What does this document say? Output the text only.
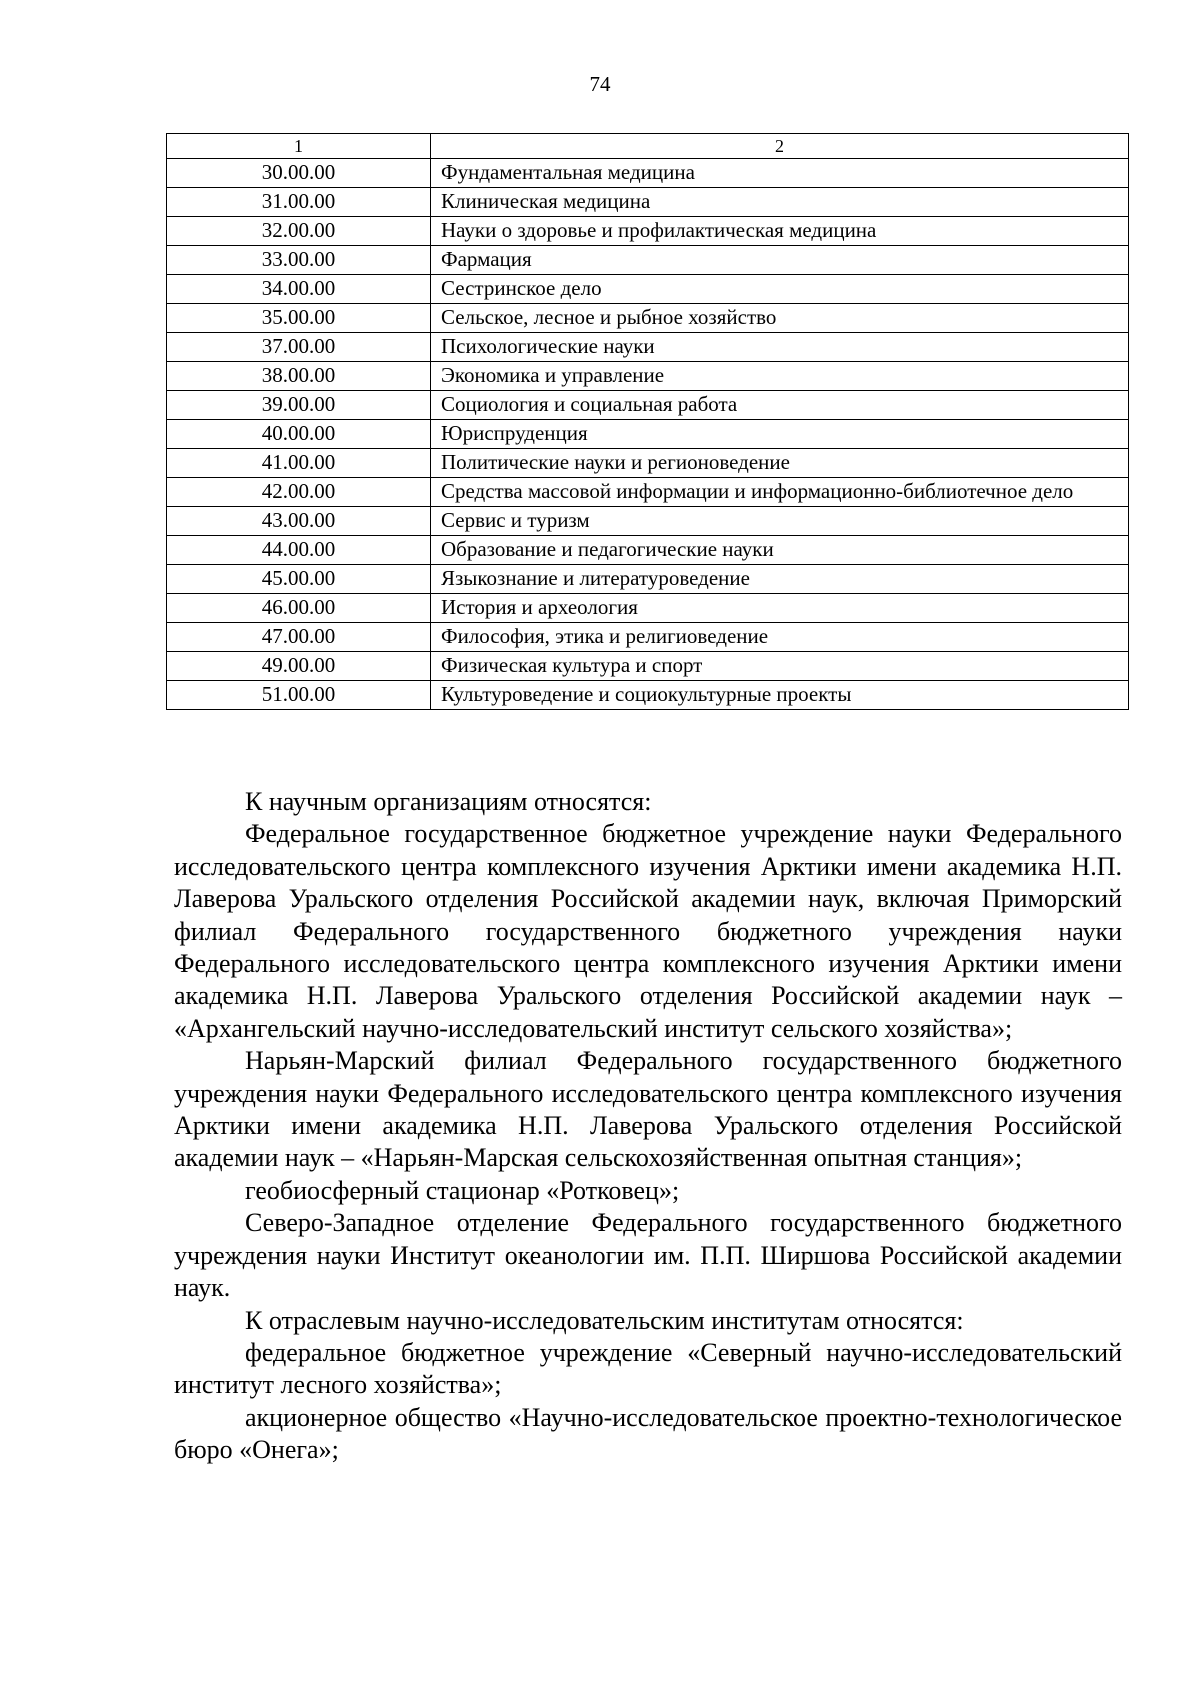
74
1	2
30.00.00	Фундаментальная медицина
31.00.00	Клиническая медицина
32.00.00	Науки о здоровье и профилактическая медицина
33.00.00	Фармация
34.00.00	Сестринское дело
35.00.00	Сельское, лесное и рыбное хозяйство
37.00.00	Психологические науки
38.00.00	Экономика и управление
39.00.00	Социология и социальная работа
40.00.00	Юриспруденция
41.00.00	Политические науки и регионоведение
42.00.00	Средства массовой информации и информационно-библиотечное дело
43.00.00	Сервис и туризм
44.00.00	Образование и педагогические науки
45.00.00	Языкознание и литературоведение
46.00.00	История и археология
47.00.00	Философия, этика и религиоведение
49.00.00	Физическая культура и спорт
51.00.00	Культуроведение и социокультурные проекты

К научным организациям относятся:

Федеральное государственное бюджетное учреждение науки Федерального исследовательского центра комплексного изучения Арктики имени академика Н.П. Лаверова Уральского отделения Российской академии наук, включая Приморский филиал Федерального государственного бюджетного учреждения науки Федерального исследовательского центра комплексного изучения Арктики имени академика Н.П. Лаверова Уральского отделения Российской академии наук – «Архангельский научно-исследовательский институт сельского хозяйства»;

Нарьян-Марский филиал Федерального государственного бюджетного учреждения науки Федерального исследовательского центра комплексного изучения Арктики имени академика Н.П. Лаверова Уральского отделения Российской академии наук – «Нарьян-Марская сельскохозяйственная опытная станция»;

геобиосферный стационар «Ротковец»;

Северо-Западное отделение Федерального государственного бюджетного учреждения науки Институт океанологии им. П.П. Ширшова Российской академии наук.

К отраслевым научно-исследовательским институтам относятся:

федеральное бюджетное учреждение «Северный научно-исследовательский институт лесного хозяйства»;

акционерное общество «Научно-исследовательское проектно-технологическое бюро «Онега»;
